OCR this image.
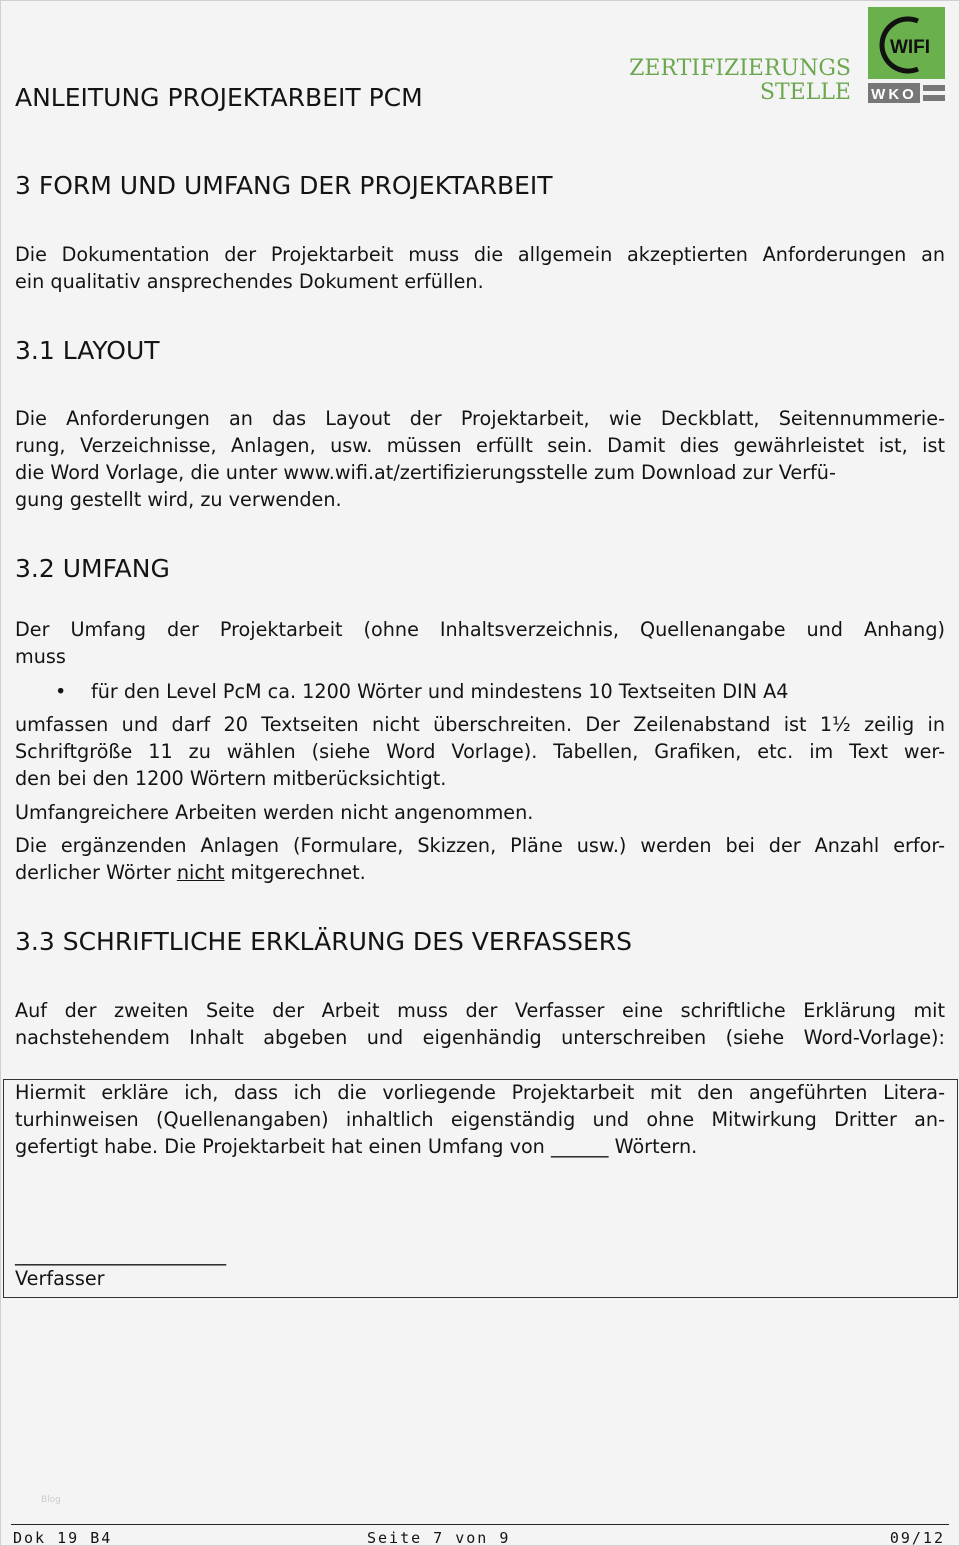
ANLEITUNG PROJEKTARBEIT PCM
ZERTIFIZIERUNGS
STELLE
WIFI
WKO
3 FORM UND UMFANG DER PROJEKTARBEIT
Die Dokumentation der Projektarbeit muss die allgemein akzeptierten Anforderungen an
ein qualitativ ansprechendes Dokument erfüllen.
3.1 LAYOUT
Die Anforderungen an das Layout der Projektarbeit, wie Deckblatt, Seitennummerie-
rung, Verzeichnisse, Anlagen, usw. müssen erfüllt sein. Damit dies gewährleistet ist, ist
die Word Vorlage, die unter www.wifi.at/zertifizierungsstelle zum Download zur Verfü-
gung gestellt wird, zu verwenden.
3.2 UMFANG
Der Umfang der Projektarbeit (ohne Inhaltsverzeichnis, Quellenangabe und Anhang)
muss
• für den Level PcM ca. 1200 Wörter und mindestens 10 Textseiten DIN A4
umfassen und darf 20 Textseiten nicht überschreiten. Der Zeilenabstand ist 1½ zeilig in
Schriftgröße 11 zu wählen (siehe Word Vorlage). Tabellen, Grafiken, etc. im Text wer-
den bei den 1200 Wörtern mitberücksichtigt.
Umfangreichere Arbeiten werden nicht angenommen.
Die ergänzenden Anlagen (Formulare, Skizzen, Pläne usw.) werden bei der Anzahl erfor-
derlicher Wörter nicht mitgerechnet.
3.3 SCHRIFTLICHE ERKLÄRUNG DES VERFASSERS
Auf der zweiten Seite der Arbeit muss der Verfasser eine schriftliche Erklärung mit
nachstehendem Inhalt abgeben und eigenhändig unterschreiben (siehe Word-Vorlage):
Hiermit erkläre ich, dass ich die vorliegende Projektarbeit mit den angeführten Litera-
turhinweisen (Quellenangaben) inhaltlich eigenständig und ohne Mitwirkung Dritter an-
gefertigt habe. Die Projektarbeit hat einen Umfang von ______ Wörtern.
______________________
Verfasser
Blog
Dok 19 B4	Seite 7 von 9	09/12
